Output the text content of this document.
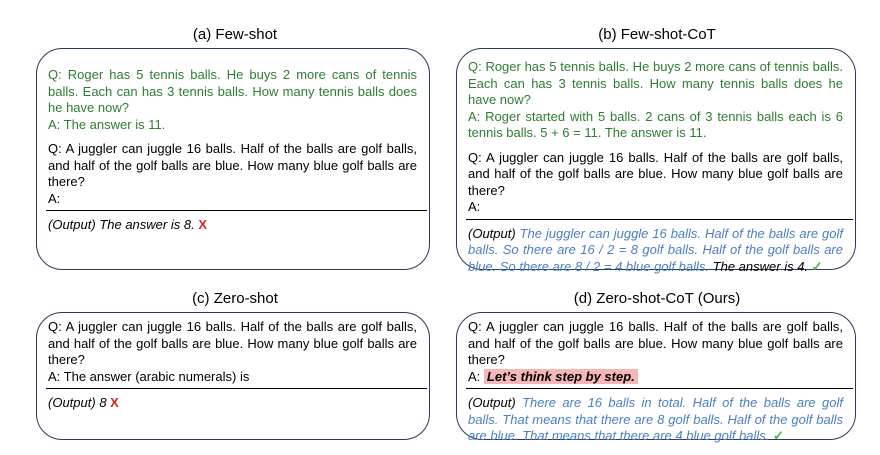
(a) Few-shot

Q: Roger has 5 tennis balls. He buys 2 more cans of tennis balls. Each can has 3 tennis balls. How many tennis balls does he have now?

A: The answer is 11.

Q: A juggler can juggle 16 balls. Half of the balls are golf balls, and half of the golf balls are blue. How many blue golf balls are there?

A:

(Output) The answer is 8. X

(b) Few-shot-CoT

Q: Roger has 5 tennis balls. He buys 2 more cans of tennis balls. Each can has 3 tennis balls. How many tennis balls does he have now?

A: Roger started with 5 balls. 2 cans of 3 tennis balls each is 6 tennis balls. 5 + 6 = 11. The answer is 11.

Q: A juggler can juggle 16 balls. Half of the balls are golf balls, and half of the golf balls are blue. How many blue golf balls are there?

A:

(Output) The juggler can juggle 16 balls. Half of the balls are golf balls. So there are 16 / 2 = 8 golf balls. Half of the golf balls are blue. So there are 8 / 2 = 4 blue golf balls. The answer is 4. ✓

(c) Zero-shot

Q: A juggler can juggle 16 balls. Half of the balls are golf balls, and half of the golf balls are blue. How many blue golf balls are there?

A: The answer (arabic numerals) is

(Output) 8 X

(d) Zero-shot-CoT (Ours)

Q: A juggler can juggle 16 balls. Half of the balls are golf balls, and half of the golf balls are blue. How many blue golf balls are there?

A: Let’s think step by step.

(Output) There are 16 balls in total. Half of the balls are golf balls. That means that there are 8 golf balls. Half of the golf balls are blue. That means that there are 4 blue golf balls. ✓
